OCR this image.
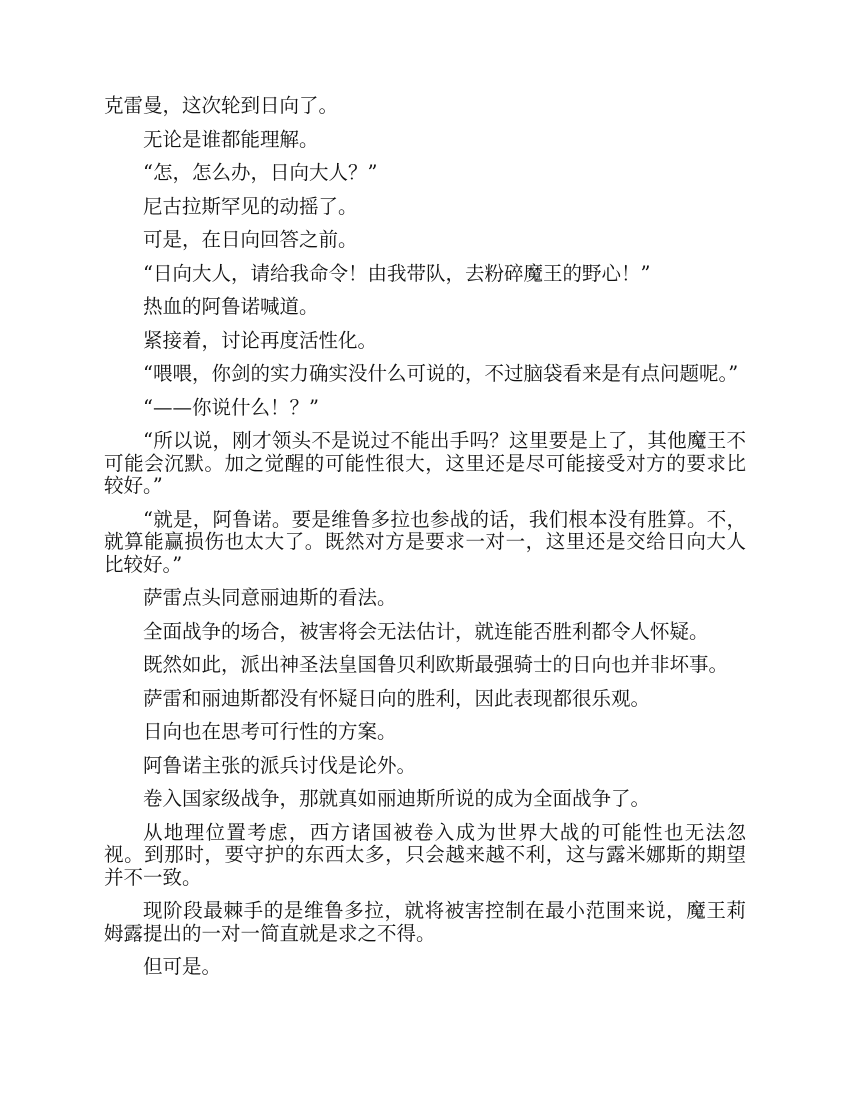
克雷曼，这次轮到日向了。

无论是谁都能理解。

“怎，怎么办，日向大人？”

尼古拉斯罕见的动摇了。

可是，在日向回答之前。

“日向大人，请给我命令！由我带队，去粉碎魔王的野心！”

热血的阿鲁诺喊道。

紧接着，讨论再度活性化。

“喂喂，你剑的实力确实没什么可说的，不过脑袋看来是有点问题呢。”

“——你说什么！？”

“所以说，刚才领头不是说过不能出手吗？这里要是上了，其他魔王不可能会沉默。加之觉醒的可能性很大，这里还是尽可能接受对方的要求比较好。”

“就是，阿鲁诺。要是维鲁多拉也参战的话，我们根本没有胜算。不，就算能赢损伤也太大了。既然对方是要求一对一，这里还是交给日向大人比较好。”

萨雷点头同意丽迪斯的看法。

全面战争的场合，被害将会无法估计，就连能否胜利都令人怀疑。

既然如此，派出神圣法皇国鲁贝利欧斯最强骑士的日向也并非坏事。

萨雷和丽迪斯都没有怀疑日向的胜利，因此表现都很乐观。

日向也在思考可行性的方案。

阿鲁诺主张的派兵讨伐是论外。

卷入国家级战争，那就真如丽迪斯所说的成为全面战争了。

从地理位置考虑，西方诸国被卷入成为世界大战的可能性也无法忽视。到那时，要守护的东西太多，只会越来越不利，这与露米娜斯的期望并不一致。

现阶段最棘手的是维鲁多拉，就将被害控制在最小范围来说，魔王莉姆露提出的一对一简直就是求之不得。

但可是。
